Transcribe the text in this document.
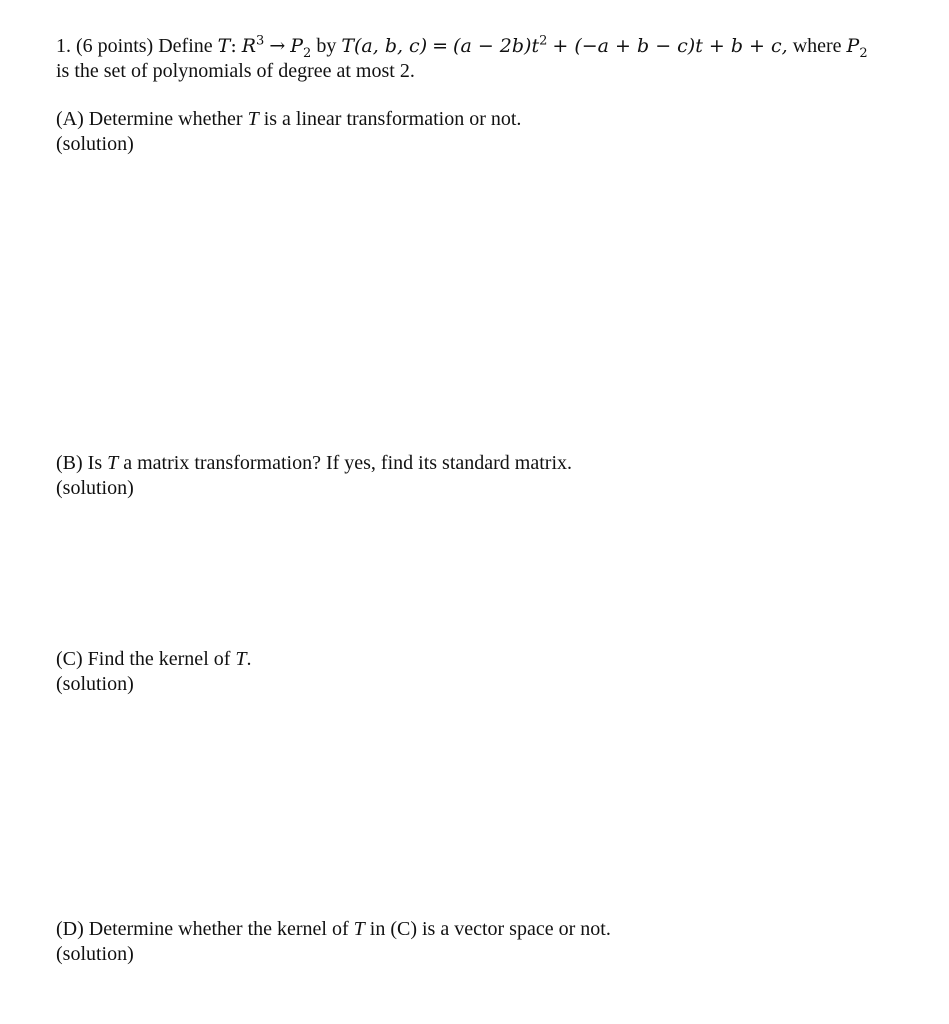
1. (6 points) Define T: $R^3 \to P_2$ by T(a, b, $c) = (a - 2b)t^2 + (-a + b - c)t + b + c$, where $P_2$
is the set of polynomials of degree at most 2.
(A) Determine whether T is a linear transformation or not.
(solution)
(B) Is T a matrix transformation? If yes, find its standard matrix.
(solution)
(C) Find the kernel of T.
(solution)
(D) Determine whether the kernel of T in (C) is a vector space or not.
(solution)
